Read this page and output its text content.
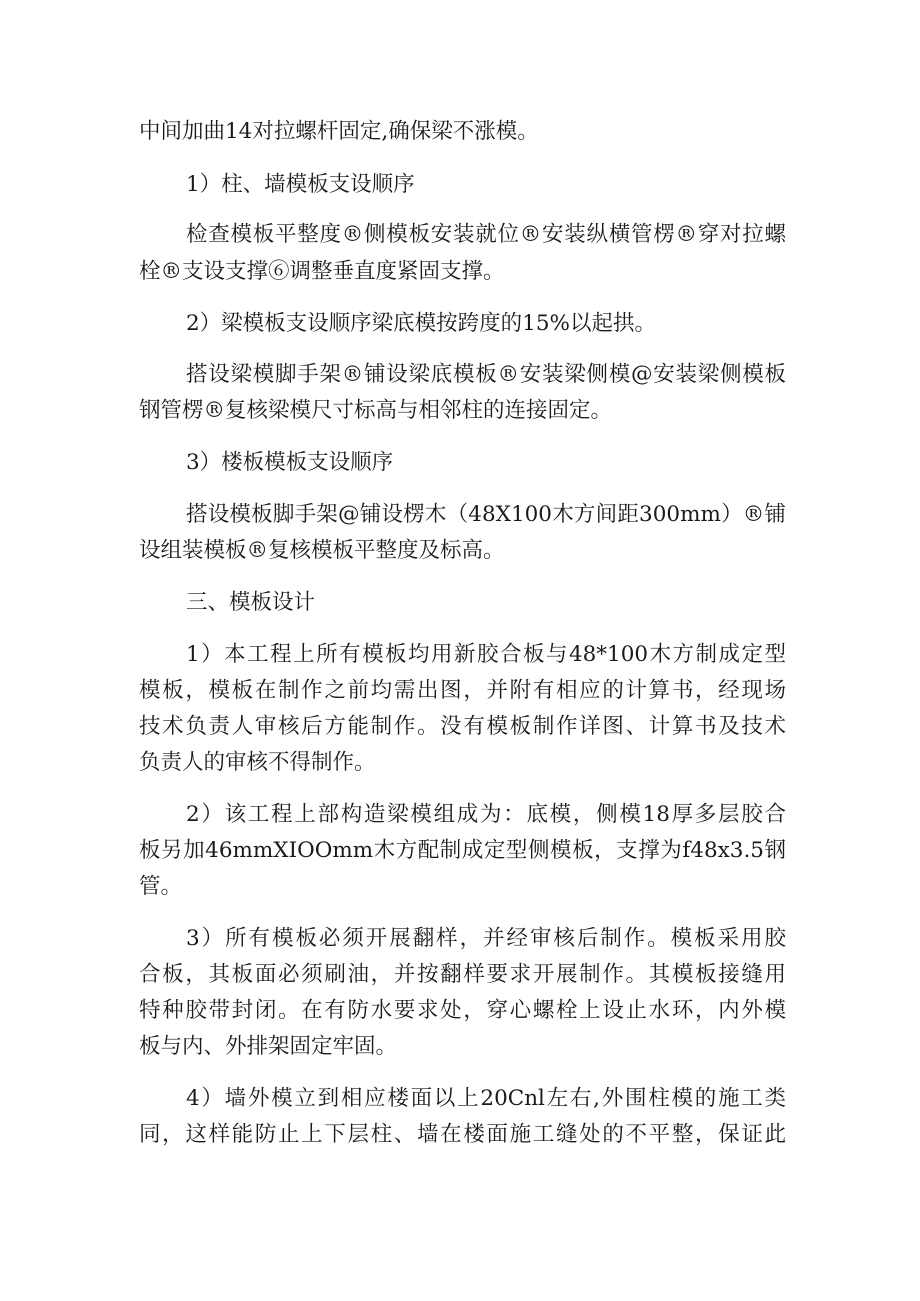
中间加曲14对拉螺杆固定,确保梁不涨模。
1）柱、墙模板支设顺序
检查模板平整度®侧模板安装就位®安装纵横管楞®穿对拉螺
栓®支设支撑⑥调整垂直度紧固支撑。
2）梁模板支设顺序梁底模按跨度的15%以起拱。
搭设梁模脚手架®铺设梁底模板®安装梁侧模@安装梁侧模板
钢管楞®复核梁模尺寸标高与相邻柱的连接固定。
3）楼板模板支设顺序
搭设模板脚手架@铺设楞木（48X100木方间距300mm）®铺
设组装模板®复核模板平整度及标高。
三、模板设计
1）本工程上所有模板均用新胶合板与48*100木方制成定型
模板，模板在制作之前均需出图，并附有相应的计算书，经现场
技术负责人审核后方能制作。没有模板制作详图、计算书及技术
负责人的审核不得制作。
2）该工程上部构造梁模组成为：底模，侧模18厚多层胶合
板另加46mmXIOOmm木方配制成定型侧模板，支撑为f48x3.5钢
管。
3）所有模板必须开展翻样，并经审核后制作。模板采用胶
合板，其板面必须刷油，并按翻样要求开展制作。其模板接缝用
特种胶带封闭。在有防水要求处，穿心螺栓上设止水环，内外模
板与内、外排架固定牢固。
4）墙外模立到相应楼面以上20Cnl左右,外围柱模的施工类
同，这样能防止上下层柱、墙在楼面施工缝处的不平整，保证此
